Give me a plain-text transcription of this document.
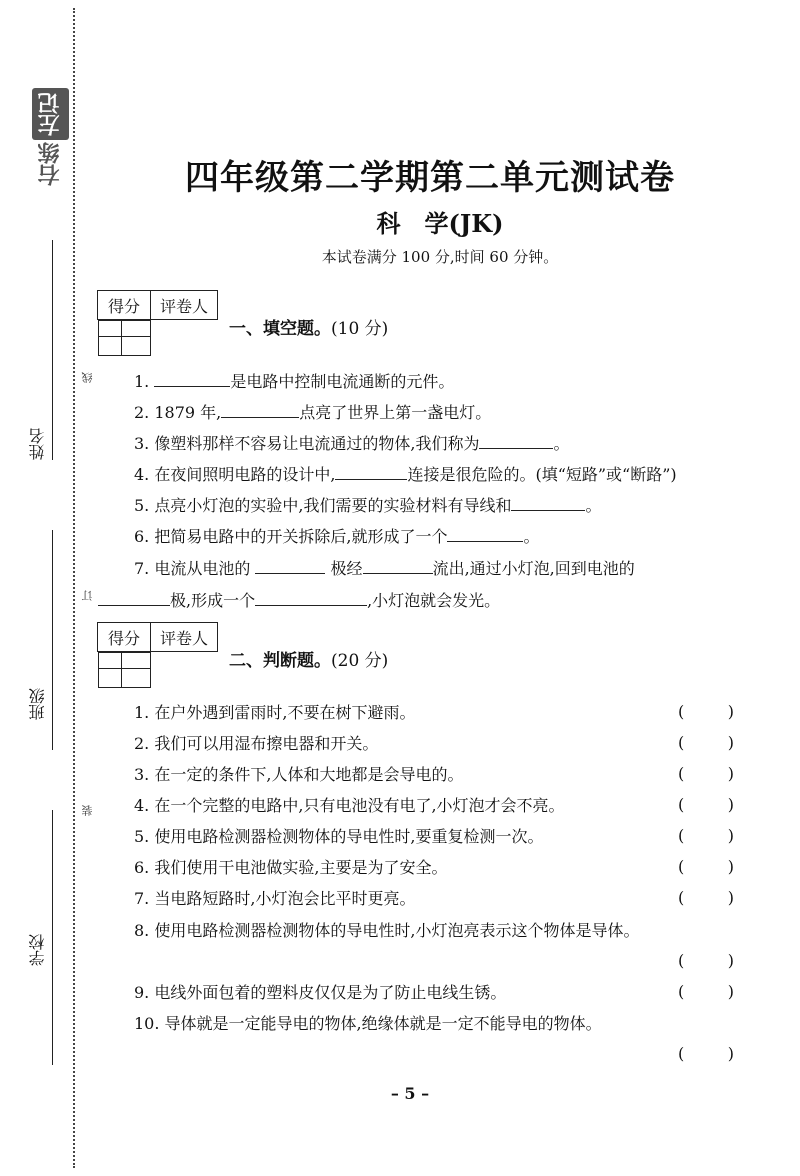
左记
右练
姓名
班级
学校
线
订
装
四年级第二学期第二单元测试卷
科　学(JK)
本试卷满分 100 分,时间 60 分钟。
得分	评卷人

一、填空题。(10 分)
1.	是电路中控制电流通断的元件。
2. 1879 年,	点亮了世界上第一盏电灯。
3. 像塑料那样不容易让电流通过的物体,我们称为	。
4. 在夜间照明电路的设计中,	连接是很危险的。(填“短路”或“断路”)
5. 点亮小灯泡的实验中,我们需要的实验材料有导线和	。
6. 把简易电路中的开关拆除后,就形成了一个	。
7. 电流从电池的	极经	流出,通过小灯泡,回到电池的
极,形成一个	,小灯泡就会发光。
得分	评卷人

二、判断题。(20 分)
1. 在户外遇到雷雨时,不要在树下避雨。	(	)
2. 我们可以用湿布擦电器和开关。	(	)
3. 在一定的条件下,人体和大地都是会导电的。	(	)
4. 在一个完整的电路中,只有电池没有电了,小灯泡才会不亮。	(	)
5. 使用电路检测器检测物体的导电性时,要重复检测一次。	(	)
6. 我们使用干电池做实验,主要是为了安全。	(	)
7. 当电路短路时,小灯泡会比平时更亮。	(	)
8. 使用电路检测器检测物体的导电性时,小灯泡亮表示这个物体是导体。
(	)
9. 电线外面包着的塑料皮仅仅是为了防止电线生锈。	(	)
10. 导体就是一定能导电的物体,绝缘体就是一定不能导电的物体。
(	)
– 5 –
